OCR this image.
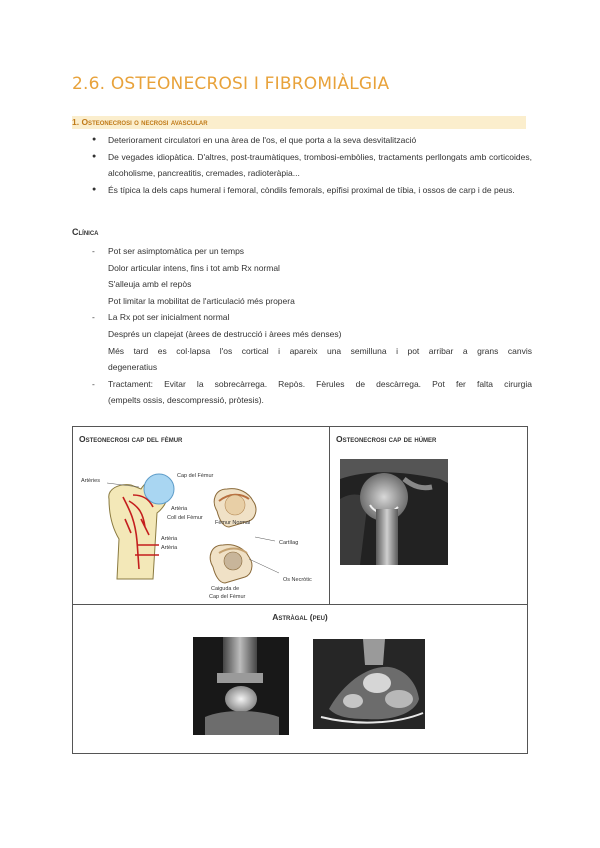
2.6. OSTEONECROSI I FIBROMIÀLGIA
1. Osteonecrosi o necrosi avascular
● Deteriorament circulatori en una àrea de l'os, el que porta a la seva desvitalització
● De vegades idiopàtica. D'altres, post-traumàtiques, trombosi-embòlies, tractaments perllongats amb corticoides, alcoholisme, pancreatitis, cremades, radioteràpia...
● És típica la dels caps humeral i femoral, còndils femorals, epífisi proximal de tíbia, i ossos de carp i de peus.
Clínica
- Pot ser asimptomàtica per un temps
Dolor articular intens, fins i tot amb Rx normal
S'alleuja amb el repòs
Pot limitar la mobilitat de l'articulació més propera
- La Rx pot ser inicialment normal
Després un clapejat (àrees de destrucció i àrees més denses)
Més tard es col·lapsa l'os cortical i apareix una semilluna i pot arribar a grans canvis
degeneratius
- Tractament: Evitar la sobrecàrrega. Repòs. Fèrules de descàrrega. Pot fer falta cirurgia
(empelts ossis, descompressió, pròtesis).
Osteonecrosi cap del fèmur
Artèries
Cap del Fèmur
Artèria
Coll del Fèmur
Artèria
Artèria
Fèmur Normal
Cartílag
Os Necròtic
Caiguda de
Cap del Fèmur
Osteonecrosi cap de húmer
Astràgal (peu)
